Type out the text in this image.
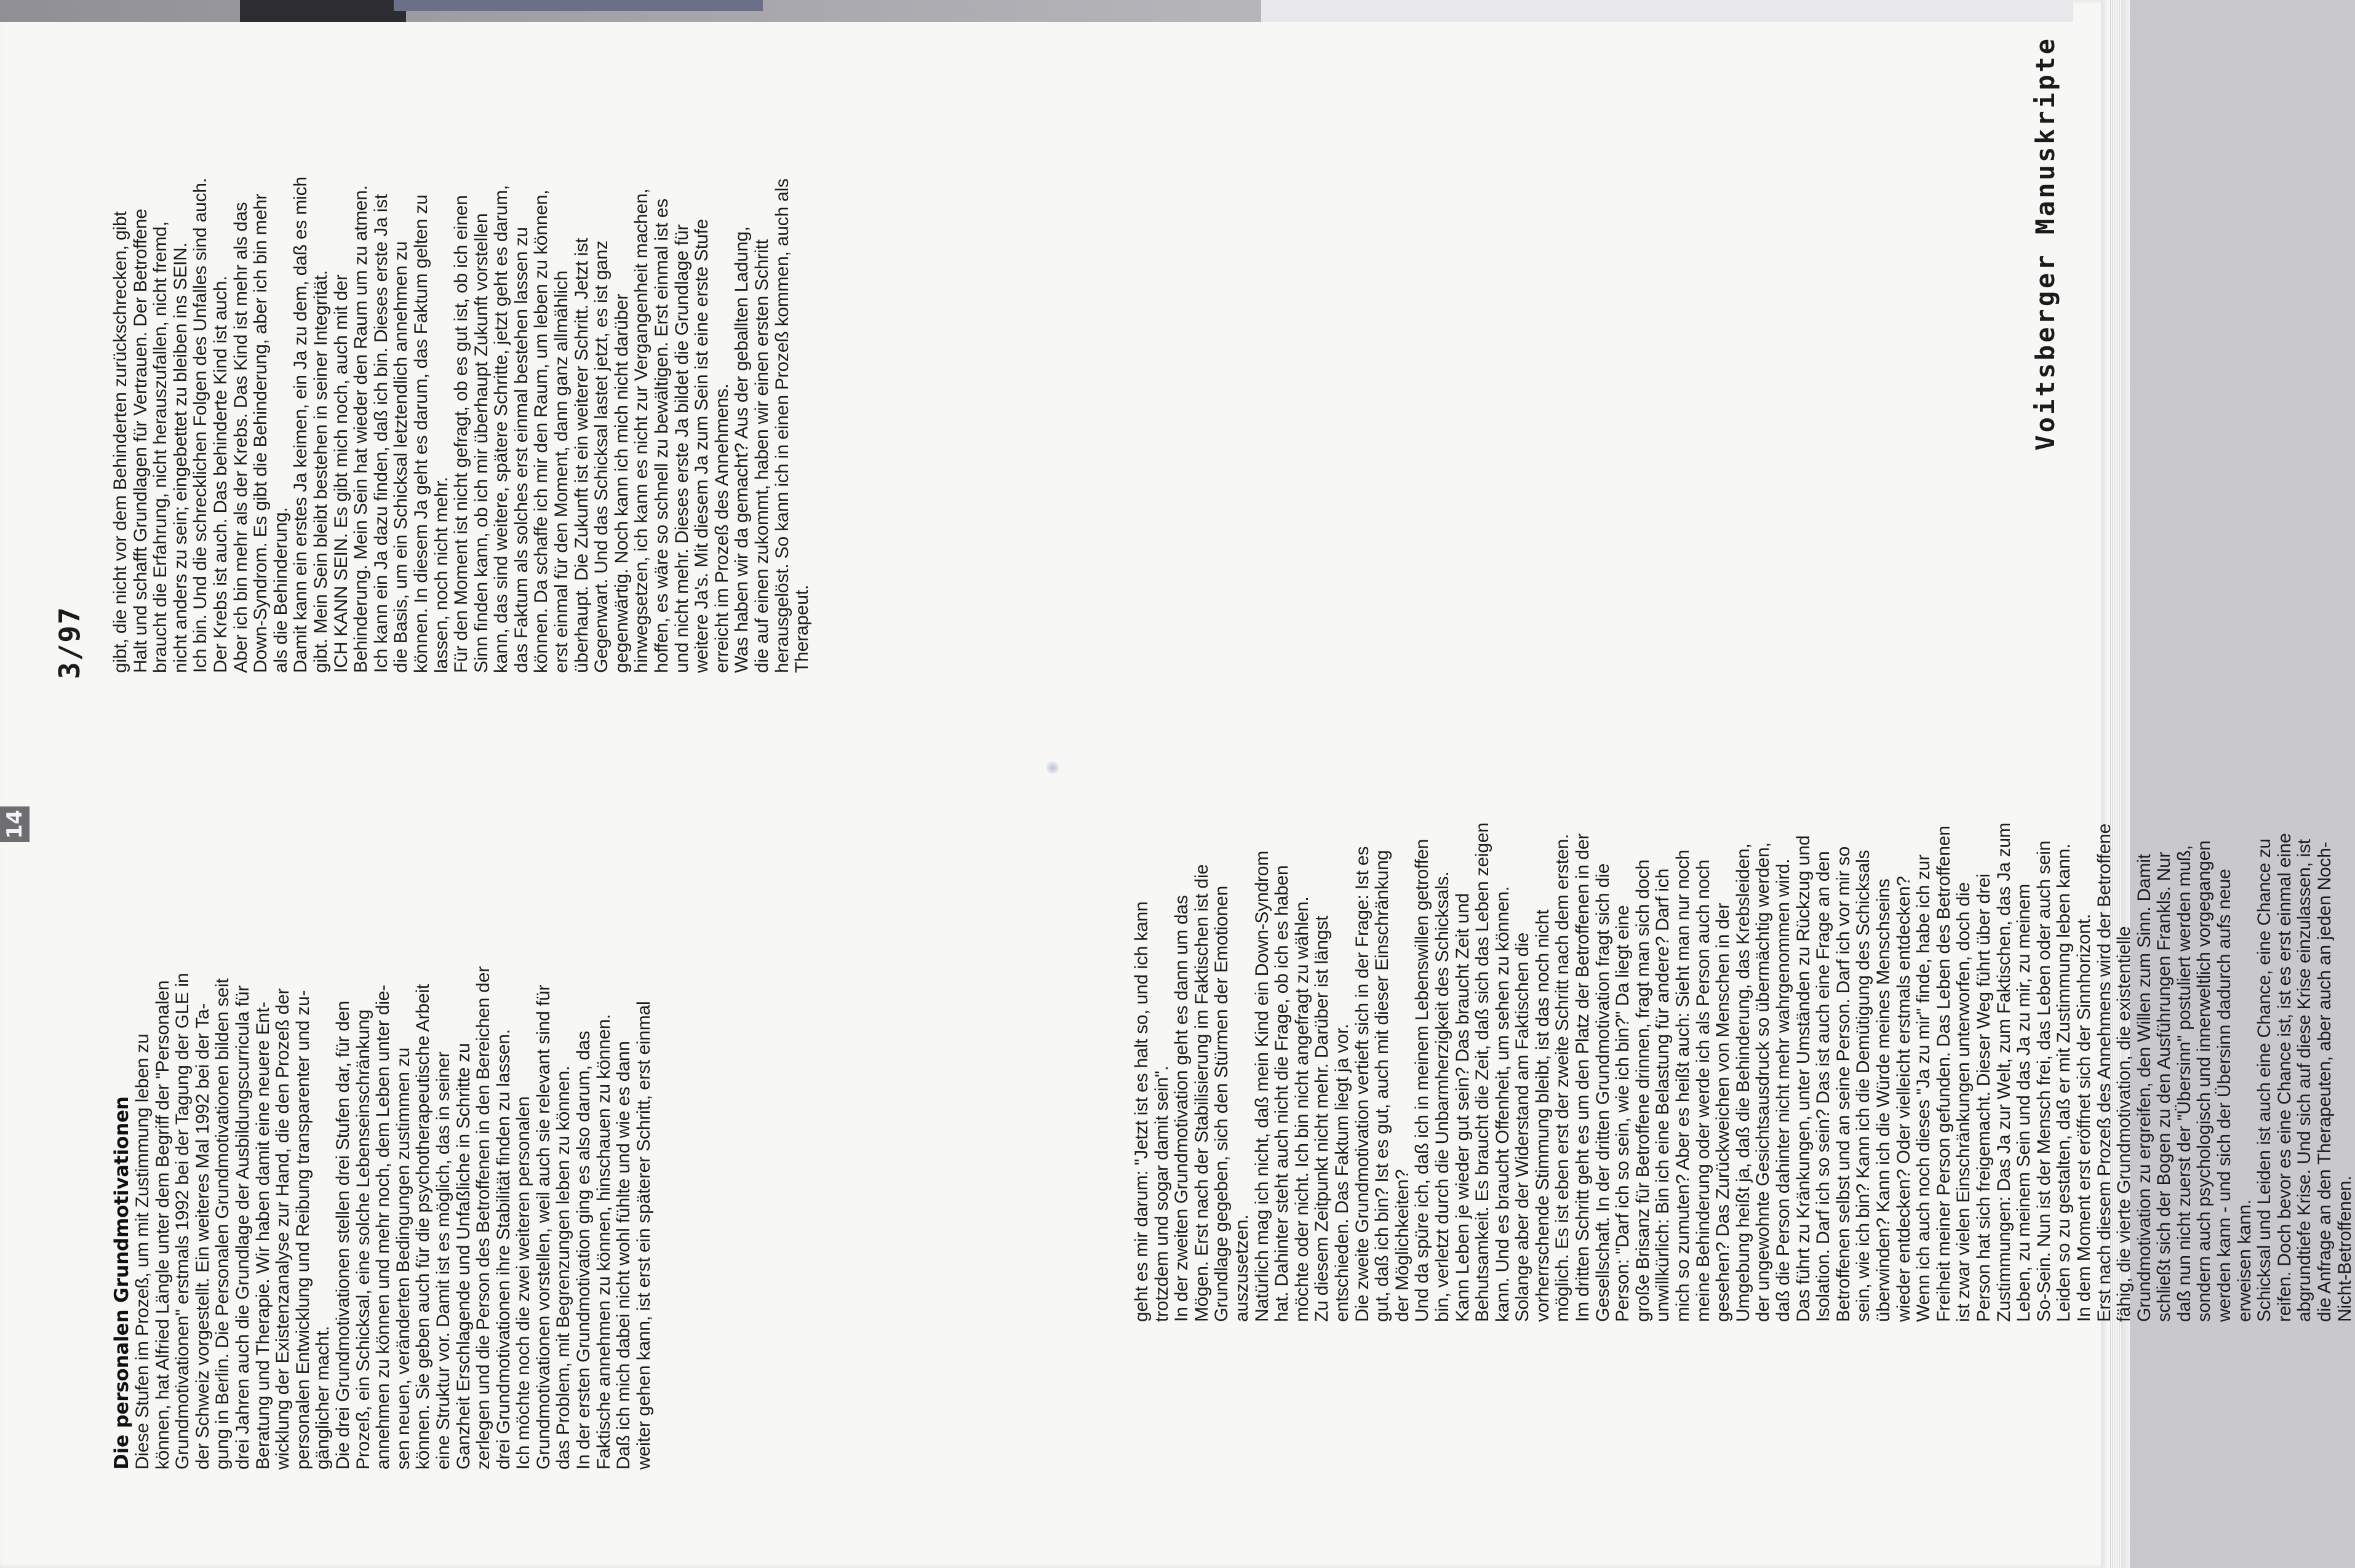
3/97
Voitsberger Manuskripte
14

gibt, die nicht vor dem Behinderten zurückschrecken, gibt Halt und schafft Grundlagen für Vertrauen. Der Betroffene braucht die Erfahrung, nicht herauszufallen, nicht fremd, nicht anders zu sein; eingebettet zu bleiben ins SEIN. Ich bin. Und die schrecklichen Folgen des Unfalles sind auch. Der Krebs ist auch. Das behinderte Kind ist auch. Aber ich bin mehr als der Krebs. Das Kind ist mehr als das Down-Syndrom. Es gibt die Behinderung, aber ich bin mehr als die Behinderung. Damit kann ein erstes Ja keimen, ein Ja zu dem, daß es mich gibt. Mein Sein bleibt bestehen in seiner Integrität. ICH KANN SEIN. Es gibt mich noch, auch mit der Behinderung. Mein Sein hat wieder den Raum um zu atmen. Ich kann ein Ja dazu finden, daß ich bin. Dieses erste Ja ist die Basis, um ein Schicksal letztendlich annehmen zu können. In diesem Ja geht es darum, das Faktum gelten zu lassen, noch nicht mehr. Für den Moment ist nicht gefragt, ob es gut ist, ob ich einen Sinn finden kann, ob ich mir überhaupt Zukunft vorstellen kann, das sind weitere, spätere Schritte, jetzt geht es darum, das Faktum als solches erst einmal bestehen lassen zu können. Da schaffe ich mir den Raum, um leben zu können, erst einmal für den Moment, dann ganz allmählich überhaupt. Die Zukunft ist ein weiterer Schritt. Jetzt ist Gegenwart. Und das Schicksal lastet jetzt, es ist ganz gegenwärtig. Noch kann ich mich nicht darüber hinwegsetzen, ich kann es nicht zur Vergangenheit machen, hoffen, es wäre so schnell zu bewältigen. Erst einmal ist es und nicht mehr. Dieses erste Ja bildet die Grundlage für weitere Ja's. Mit diesem Ja zum Sein ist eine erste Stufe erreicht im Prozeß des Annehmens. Was haben wir da gemacht? Aus der geballten Ladung, die auf einen zukommt, haben wir einen ersten Schritt herausgelöst. So kann ich in einen Prozeß kommen, auch als Therapeut.

Die personalen Grundmotivationen Diese Stufen im Prozeß, um mit Zustimmung leben zu können, hat Alfried Längle unter dem Begriff der "Personalen Grundmotivationen" erstmals 1992 bei der Tagung der GLE in der Schweiz vorgestellt. Ein weiteres Mal 1992 bei der Ta- gung in Berlin. Die Personalen Grundmotivationen bilden seit drei Jahren auch die Grundlage der Ausbildungscurricula für Beratung und Therapie. Wir haben damit eine neuere Ent- wicklung der Existenzanalyse zur Hand, die den Prozeß der personalen Entwicklung und Reibung transparenter und zu- gänglicher macht. Die drei Grundmotivationen stellen drei Stufen dar, für den Prozeß, ein Schicksal, eine solche Lebenseinschränkung annehmen zu können und mehr noch, dem Leben unter die- sen neuen, veränderten Bedingungen zustimmen zu können. Sie geben auch für die psychotherapeutische Arbeit eine Struktur vor. Damit ist es möglich, das in seiner Ganzheit Erschlagende und Unfaßliche in Schritte zu zerlegen und die Person des Betroffenen in den Bereichen der drei Grundmotivationen ihre Stabilität finden zu lassen. Ich möchte noch die zwei weiteren personalen Grundmotivationen vorstellen, weil auch sie relevant sind für das Problem, mit Begrenzungen leben zu können. In der ersten Grundmotivation ging es also darum, das Faktische annehmen zu können, hinschauen zu können. Daß ich mich dabei nicht wohl fühlte und wie es dann weiter gehen kann, ist erst ein späterer Schritt, erst einmal	geht es mir darum: "Jetzt ist es halt so, und ich kann trotzdem und sogar damit sein". In der zweiten Grundmotivation geht es dann um das Mögen. Erst nach der Stabilisierung im Faktischen ist die Grundlage gegeben, sich den Stürmen der Emotionen auszusetzen. Natürlich mag ich nicht, daß mein Kind ein Down-Syndrom hat. Dahinter steht auch nicht die Frage, ob ich es haben möchte oder nicht. Ich bin nicht angefragt zu wählen. Zu diesem Zeitpunkt nicht mehr. Darüber ist längst entschieden. Das Faktum liegt ja vor. Die zweite Grundmotivation vertieft sich in der Frage: Ist es gut, daß ich bin? Ist es gut, auch mit dieser Einschränkung der Möglichkeiten? Und da spüre ich, daß ich in meinem Lebenswillen getroffen bin, verletzt durch die Unbarmherzigkeit des Schicksals. Kann Leben je wieder gut sein? Das braucht Zeit und Behutsamkeit. Es braucht die Zeit, daß sich das Leben zeigen kann. Und es braucht Offenheit, um sehen zu können. Solange aber der Widerstand am Faktischen die vorherrschende Stimmung bleibt, ist das noch nicht möglich. Es ist eben erst der zweite Schritt nach dem ersten. Im dritten Schritt geht es um den Platz der Betroffenen in der Gesellschaft. In der dritten Grundmotivation fragt sich die Person: "Darf ich so sein, wie ich bin?" Da liegt eine große Brisanz für Betroffene drinnen, fragt man sich doch unwillkürlich: Bin ich eine Belastung für andere? Darf ich mich so zumuten? Aber es heißt auch: Sieht man nur noch meine Behinderung oder werde ich als Person auch noch gesehen? Das Zurückweichen von Menschen in der Umgebung heißt ja, daß die Behinderung, das Krebsleiden, der ungewohnte Gesichtsausdruck so übermächtig werden, daß die Person dahinter nicht mehr wahrgenommen wird. Das führt zu Kränkungen, unter Umständen zu Rückzug und Isolation. Darf ich so sein? Das ist auch eine Frage an den Betroffenen selbst und an seine Person. Darf ich vor mir so sein, wie ich bin? Kann ich die Demütigung des Schicksals überwinden? Kann ich die Würde meines Menschseins wieder entdecken? Oder vielleicht erstmals entdecken? Wenn ich auch noch dieses "Ja zu mir" finde, habe ich zur Freiheit meiner Person gefunden. Das Leben des Betroffenen ist zwar vielen Einschränkungen unterworfen, doch die Person hat sich freigemacht. Dieser Weg führt über drei Zustimmungen: Das Ja zur Welt, zum Faktischen, das Ja zum Leben, zu meinem Sein und das Ja zu mir, zu meinem So-Sein. Nun ist der Mensch frei, das Leben oder auch sein Leiden so zu gestalten, daß er mit Zustimmung leben kann. In dem Moment erst eröffnet sich der Sinnhorizont. Erst nach diesem Prozeß des Annehmens wird der Betroffene fähig, die vierte Grundmotivation, die existentielle Grundmotivation zu ergreifen, den Willen zum Sinn. Damit schließt sich der Bogen zu den Ausführungen Frankls. Nur daß nun nicht zuerst der "Übersinn" postuliert werden muß, sondern auch psychologisch und innerweltlich vorgegangen werden kann - und sich der Übersinn dadurch aufs neue erweisen kann. Schicksal und Leiden ist auch eine Chance, eine Chance zu reifen. Doch bevor es eine Chance ist, ist es erst einmal eine abgrundtiefe Krise. Und sich auf diese Krise einzulassen, ist die Anfrage an den Therapeuten, aber auch an jeden Noch- Nicht-Betroffenen.
